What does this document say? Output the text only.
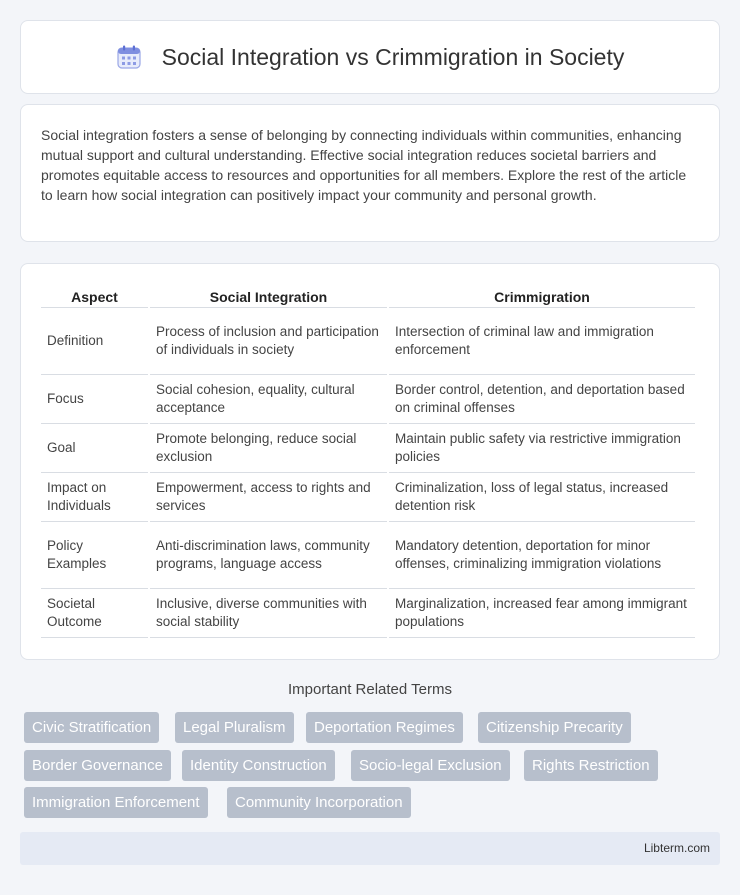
Social Integration vs Crimmigration in Society

Social integration fosters a sense of belonging by connecting individuals within communities, enhancing mutual support and cultural understanding. Effective social integration reduces societal barriers and promotes equitable access to resources and opportunities for all members. Explore the rest of the article to learn how social integration can positively impact your community and personal growth.

Aspect	Social Integration	Crimmigration
Definition	Process of inclusion and participation of individuals in society	Intersection of criminal law and immigration enforcement
Focus	Social cohesion, equality, cultural acceptance	Border control, detention, and deportation based on criminal offenses
Goal	Promote belonging, reduce social exclusion	Maintain public safety via restrictive immigration policies
Impact on Individuals	Empowerment, access to rights and services	Criminalization, loss of legal status, increased detention risk
Policy Examples	Anti-discrimination laws, community programs, language access	Mandatory detention, deportation for minor offenses, criminalizing immigration violations
Societal Outcome	Inclusive, diverse communities with social stability	Marginalization, increased fear among immigrant populations
Important Related Terms
Civic Stratification	Legal Pluralism	Deportation Regimes	Citizenship Precarity
Border Governance	Identity Construction	Socio-legal Exclusion	Rights Restriction
Immigration Enforcement	Community Incorporation
Libterm.com
